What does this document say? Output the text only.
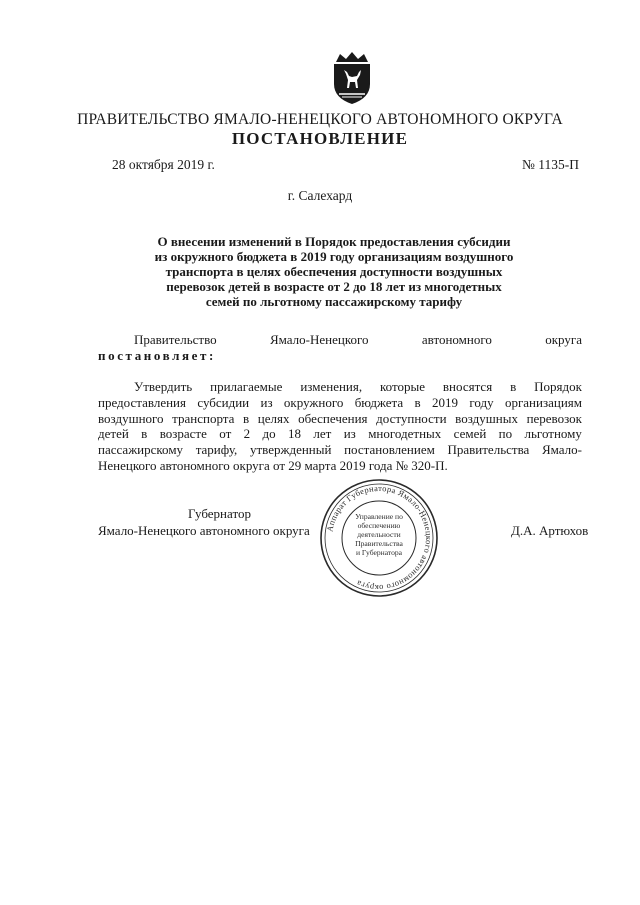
ПРАВИТЕЛЬСТВО ЯМАЛО-НЕНЕЦКОГО АВТОНОМНОГО ОКРУГА
ПОСТАНОВЛЕНИЕ
28 октября 2019 г.	№ 1135-П
г. Салехард
О внесении изменений в Порядок предоставления субсидии
из окружного бюджета в 2019 году организациям воздушного
транспорта в целях обеспечения доступности воздушных
перевозок детей в возрасте от 2 до 18 лет из многодетных
семей по льготному пассажирскому тарифу
Правительство	Ямало-Ненецкого	автономного	округа
постановляет:
Утвердить прилагаемые изменения, которые вносятся в Порядок
предоставления субсидии из окружного бюджета в 2019 году организациям
воздушного транспорта в целях обеспечения доступности воздушных перевозок
детей в возрасте от 2 до 18 лет из многодетных семей по льготному
пассажирскому тарифу, утвержденный постановлением Правительства Ямало-
Ненецкого автономного округа от 29 марта 2019 года № 320-П.
Губернатор
Ямало-Ненецкого автономного округа Аппарат Губернатора Ямало-Ненецкого автономного округа
Управление по
обеспечению
деятельности
Правительства
и Губернатора
Д.А. Артюхов
